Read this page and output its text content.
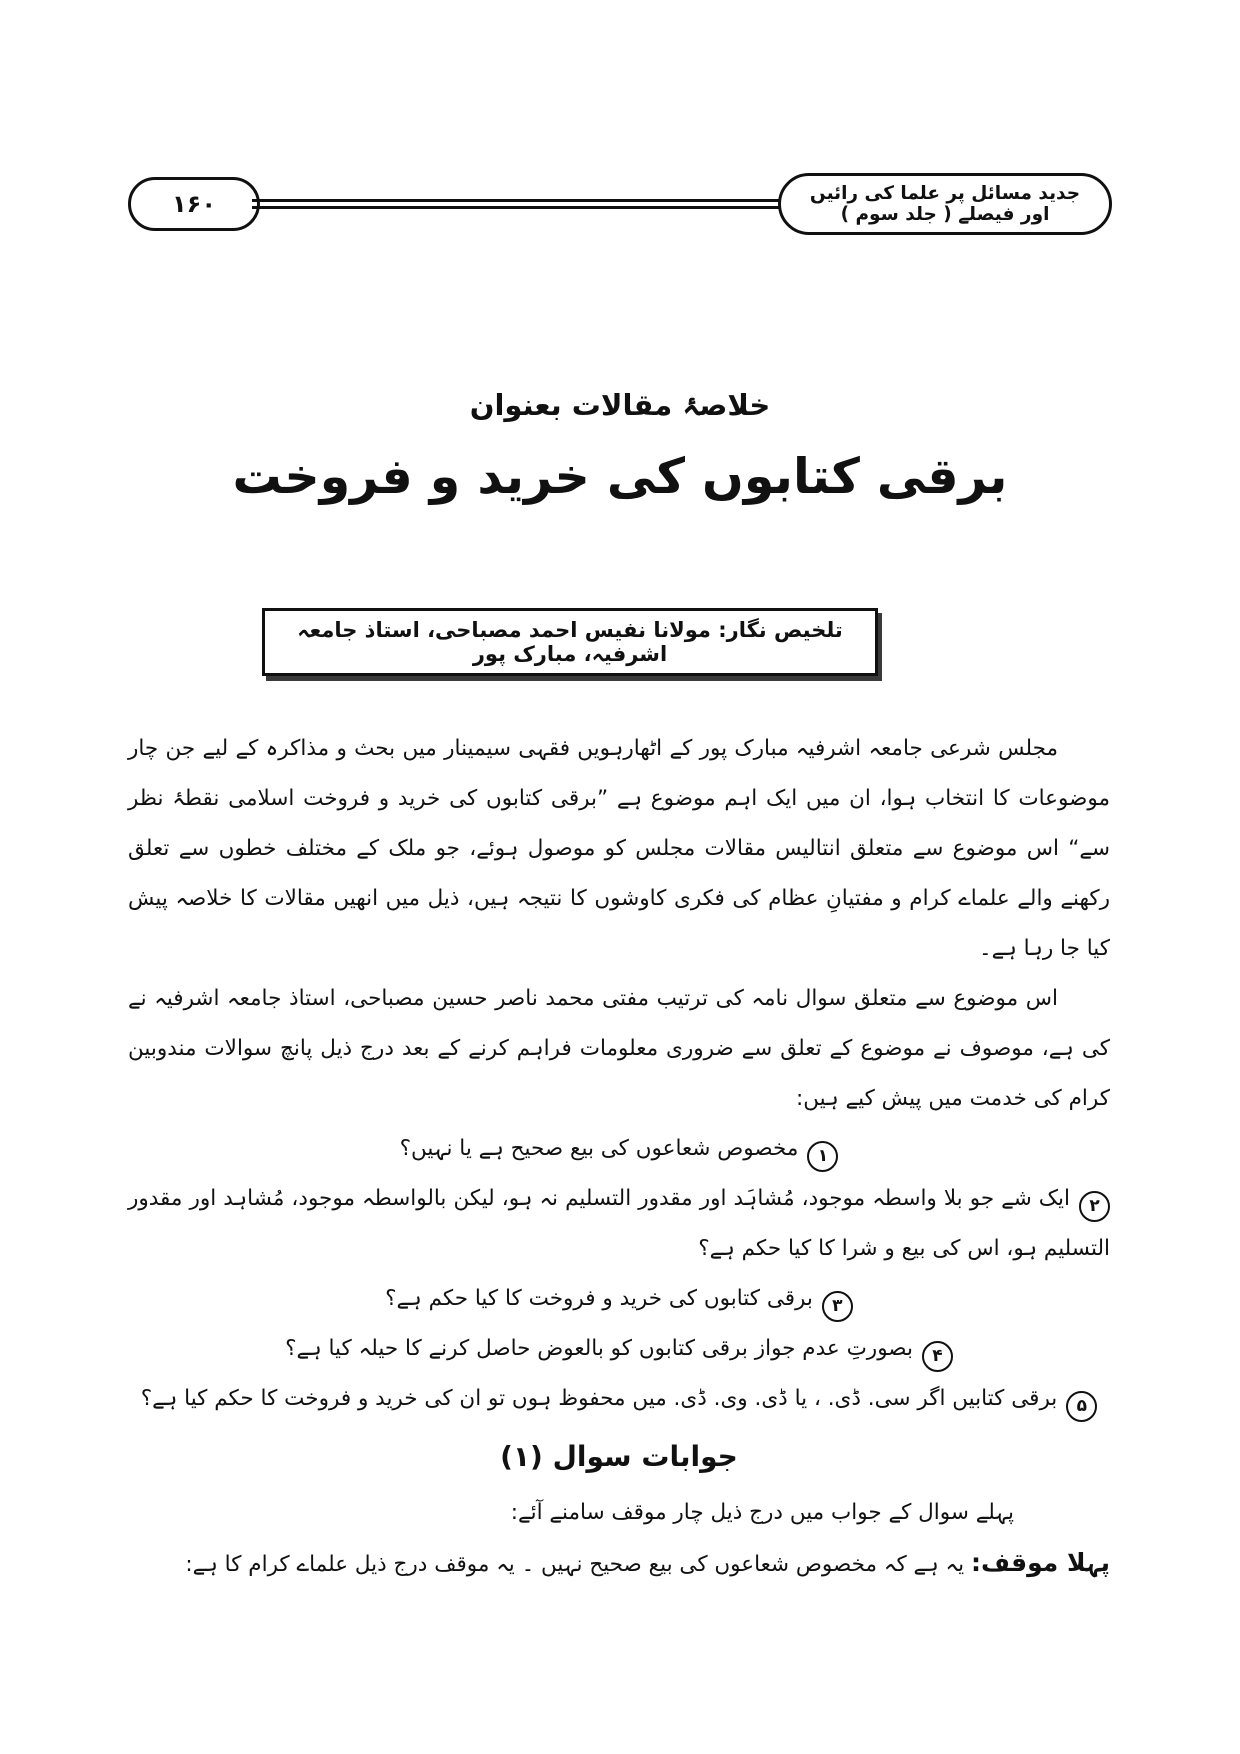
۱۶۰	جدید مسائل پر علما کی رائیں اور فیصلے ( جلد سوم )
خلاصۂ مقالات بعنوان
برقی کتابوں کی خرید و فروخت
تلخیص نگار: مولانا نفیس احمد مصباحی، استاذ جامعہ اشرفیہ، مبارک پور

مجلس شرعی جامعہ اشرفیہ مبارک پور کے اٹھارہویں فقہی سیمینار میں بحث و مذاکرہ کے لیے جن چار موضوعات کا انتخاب ہوا، ان میں ایک اہم موضوع ہے ”برقی کتابوں کی خرید و فروخت اسلامی نقطۂ نظر سے“ اس موضوع سے متعلق انتالیس مقالات مجلس کو موصول ہوئے، جو ملک کے مختلف خطوں سے تعلق رکھنے والے علماے کرام و مفتیانِ عظام کی فکری کاوشوں کا نتیجہ ہیں، ذیل میں انھیں مقالات کا خلاصہ پیش کیا جا رہا ہے۔

اس موضوع سے متعلق سوال نامہ کی ترتیب مفتی محمد ناصر حسین مصباحی، استاذ جامعہ اشرفیہ نے کی ہے، موصوف نے موضوع کے تعلق سے ضروری معلومات فراہم کرنے کے بعد درج ذیل پانچ سوالات مندوبین کرام کی خدمت میں پیش کیے ہیں:

۱مخصوص شعاعوں کی بیع صحیح ہے یا نہیں؟

۲ایک شے جو بلا واسطہ موجود، مُشاہَد اور مقدور التسلیم نہ ہو، لیکن بالواسطہ موجود، مُشاہد اور مقدور التسلیم ہو، اس کی بیع و شرا کا کیا حکم ہے؟

۳برقی کتابوں کی خرید و فروخت کا کیا حکم ہے؟
۴بصورتِ عدم جواز برقی کتابوں کو بالعوض حاصل کرنے کا حیلہ کیا ہے؟
۵برقی کتابیں اگر سی. ڈی. ، یا ڈی. وی. ڈی. میں محفوظ ہوں تو ان کی خرید و فروخت کا حکم کیا ہے؟
جوابات سوال (۱)

پہلے سوال کے جواب میں درج ذیل چار موقف سامنے آئے:

پہلا موقف: یہ ہے کہ مخصوص شعاعوں کی بیع صحیح نہیں ۔ یہ موقف درج ذیل علماے کرام کا ہے:
